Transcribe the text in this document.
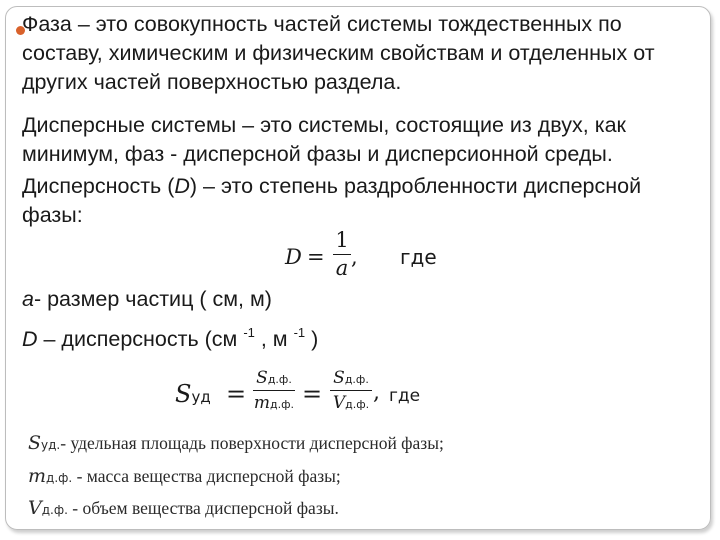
Фаза – это совокупность частей системы тождественных по составу, химическим и физическим свойствам и отделенных от других частей поверхностью раздела.

Дисперсные системы – это системы, состоящие из двух, как минимум, фаз - дисперсной фазы и дисперсионной среды.

Дисперсность (D) – это степень раздробленности дисперсной фазы:

D =
1
a , где
a- размер частиц ( см, м)
D – дисперсность (см $^{-1}$ , м $^{-1}$ )
Sуд =
Sд.ф.
mд.ф. =
Sд.ф.
Vд.ф. , где
Sуд.- удельная площадь поверхности дисперсной фазы;
mд.ф. - масса вещества дисперсной фазы;
Vд.ф. - объем вещества дисперсной фазы.
